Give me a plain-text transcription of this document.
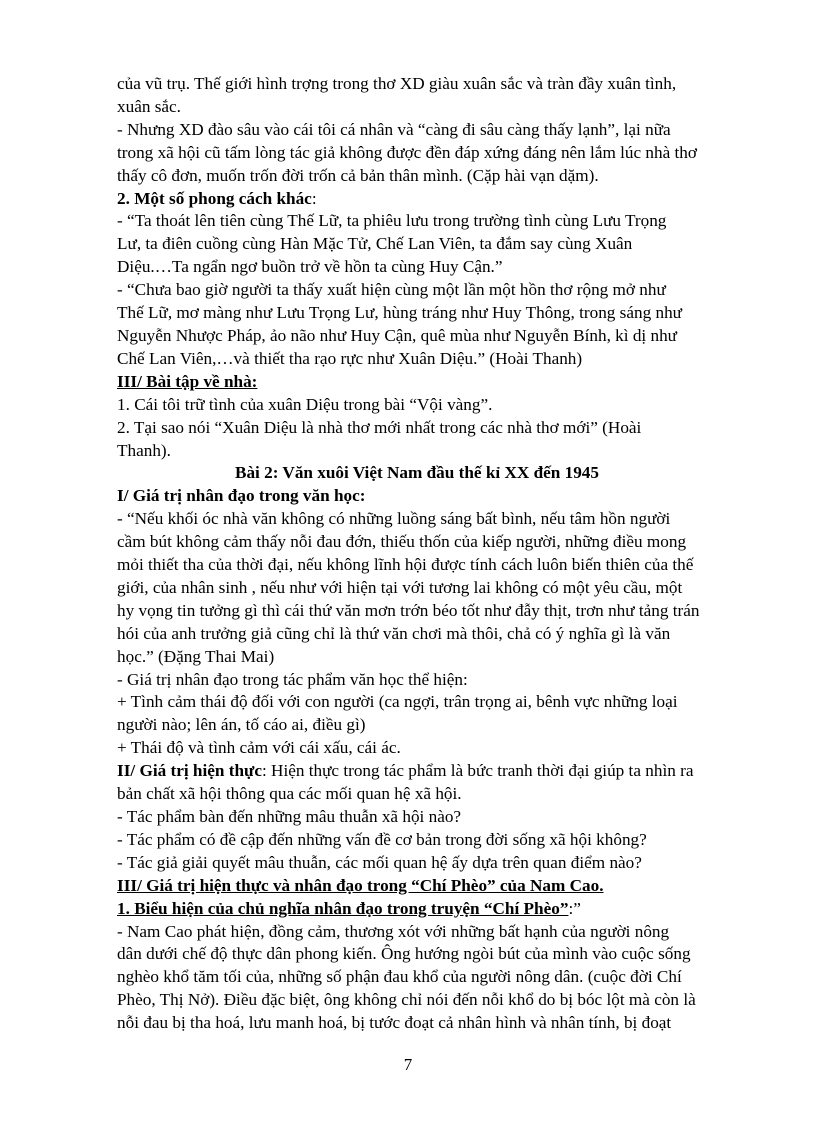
của vũ trụ. Thế giới hình trợng trong thơ XD giàu xuân sắc và tràn đầy xuân tình,
xuân sắc.
- Nhưng XD đào sâu vào cái tôi cá nhân và “càng đi sâu càng thấy lạnh”, lại nữa
trong xã hội cũ tấm lòng tác giả không được đền đáp xứng đáng nên lắm lúc nhà thơ
thấy cô đơn, muốn trốn đời trốn cả bản thân mình. (Cặp hài vạn dặm).
2. Một số phong cách khác:
- “Ta thoát lên tiên cùng Thế Lữ, ta phiêu lưu trong trường tình cùng Lưu Trọng
Lư, ta điên cuồng cùng Hàn Mặc Tử, Chế Lan Viên, ta đắm say cùng Xuân
Diệu.…Ta ngẩn ngơ buồn trở về hồn ta cùng Huy Cận.”
- “Chưa bao giờ người ta thấy xuất hiện cùng một lần một hồn thơ rộng mở như
Thế Lữ, mơ màng như Lưu Trọng Lư, hùng tráng như Huy Thông, trong sáng như
Nguyễn Nhược Pháp, ảo não như Huy Cận, quê mùa như Nguyễn Bính, kì dị như
Chế Lan Viên,…và thiết tha rạo rực như Xuân Diệu.” (Hoài Thanh)
III/ Bài tập về nhà:
1. Cái tôi trữ tình của xuân Diệu trong bài “Vội vàng”.
2. Tại sao nói “Xuân Diệu là nhà thơ mới nhất trong các nhà thơ mới” (Hoài
Thanh).
Bài 2: Văn xuôi Việt Nam đầu thế kỉ XX đến 1945
I/ Giá trị nhân đạo trong văn học:
- “Nếu khối óc nhà văn không có những luồng sáng bất bình, nếu tâm hồn người
cầm bút không cảm thấy nỗi đau đớn, thiếu thốn của kiếp người, những điều mong
mỏi thiết tha của thời đại, nếu không lĩnh hội được tính cách luôn biến thiên của thế
giới, của nhân sinh , nếu như với hiện tại với tương lai không có một yêu cầu, một
hy vọng tin tưởng gì thì cái thứ văn mơn trớn béo tốt như đẫy thịt, trơn như tảng trán
hói của anh trưởng giả cũng chỉ là thứ văn chơi mà thôi, chả có ý nghĩa gì là văn
học.” (Đặng Thai Mai)
- Giá trị nhân đạo trong tác phẩm văn học thể hiện:
+ Tình cảm thái độ đối với con người (ca ngợi, trân trọng ai, bênh vực những loại
người nào; lên án, tố cáo ai, điều gì)
+ Thái độ và tình cảm với cái xấu, cái ác.
II/ Giá trị hiện thực: Hiện thực trong tác phẩm là bức tranh thời đại giúp ta nhìn ra
bản chất xã hội thông qua các mối quan hệ xã hội.
- Tác phẩm bàn đến những mâu thuẫn xã hội nào?
- Tác phẩm có đề cập đến những vấn đề cơ bản trong đời sống xã hội không?
- Tác giả giải quyết mâu thuẫn, các mối quan hệ ấy dựa trên quan điểm nào?
III/ Giá trị hiện thực và nhân đạo trong “Chí Phèo” của Nam Cao.
1. Biểu hiện của chủ nghĩa nhân đạo trong truyện “Chí Phèo”:”
- Nam Cao phát hiện, đồng cảm, thương xót với những bất hạnh của người nông
dân dưới chế độ thực dân phong kiến. Ông hướng ngòi bút của mình vào cuộc sống
nghèo khổ tăm tối của, những số phận đau khổ của người nông dân. (cuộc đời Chí
Phèo, Thị Nở). Điều đặc biệt, ông không chỉ nói đến nỗi khổ do bị bóc lột mà còn là
nỗi đau bị tha hoá, lưu manh hoá, bị tước đoạt cả nhân hình và nhân tính, bị đoạt
7
